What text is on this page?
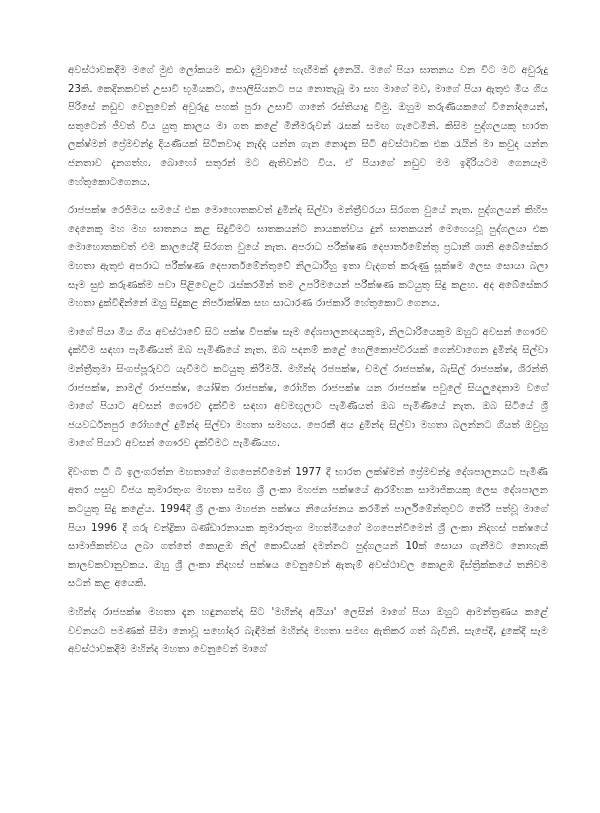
අවස්ථාවකදීම මගේ මුළු ලෝකයම කඩා දැමුවාසේ හැඟීමක් දැනෙයි. මගේ පියා ඝාතනය වන විට මට අවුරුදු 23කි. කෙදිනකවත් උසාවි භූමියකට, පොලිසියනට පය නොතැබූ මා සහ මාගේ මව, මාගේ පියා ඇතුළු මිය ගිය පිරිසේ නඩුව වෙනුවෙන් අවුරුදු පහක් පුරා උසාවි ගානේ රස්තියාදු වීමු. ඔහුම තරුණියකගේ විනෝදයෙන්, සතුටෙන් ජීවත් විය යුතු කාලය මා ගත කළේ මිනීමරුවන් රැසක් සමඟ ගැටෙමිනි. කිසිම පුද්ගලයකු භාරත ලක්ෂ්මන් ප්‍රේමචන්ද්‍ර දියණියක් සිටිනවාද නැද්ද යන්න ගැන නොදැන සිටි අවස්ථාවක එක රැයින් මා කවුද යන්න ජනතාව දැනගත්හ. බොහෝ සතුරන් මට ඇතිවන්ට විය. ඒ පියාගේ නඩුව මම ඉදිරියටම ගෙනයෑම හේතුකොටගෙනය.

රාජපක්ෂ රෙජිමය සමයේ එක මොහොතකවත් දුමින්ද සිල්වා මන්ත්‍රීවරයා සිරගත වුයේ නැත. පුද්ගලයන් කිහිප දෙනෙකු මහ මහ ඝාතනය කළ සිදුවීමට ඝාතකයන්ට නායකත්වය දුන් ඝාතකයන් මෙහෙයවූ පුද්ගලයා එක මොහොතකවත් එම කාලයේදී සිරගත වුයේ නැත. අපරාධ පරීක්ෂණ දෙපාර්තමේන්තු ප්‍රධානී ශානි අබේසේකර මහතා ඇතුළු අපරාධ පරීක්ෂණ දෙපාර්තමේන්තුවේ නිලධාරීහු ඉතා වැදගත් කරුණු සූක්ෂම ලෙස සොයා බලා සෑම සුළු කරුණක්ම පවා පිළිවෙළට රැස්කරමින් තම උපරිමයෙන් පරීක්ෂණ කටයුතු සිදු කළහ. අද අබේසේකර මහතා දුක්විඳින්නේ ඔහු සිදුකළ නිර්පාක්ෂික සහ සාධාරණ රාජකාරි හේතුකොට ගෙනය.

මාගේ පියා මිය ගිය අවස්ථාවේ සිට පක්ෂ විපක්ෂ සෑම දේශපාලනඥයකුම, නිලධාරියෙකුම ඔහුට අවසන් ගෞරව දැක්වීම සඳහා පැමිණියත් ඔබ පැමිණියේ නැත. ඔබ පදනම් කළේ හෙලිකොප්ටරයක් ගෙන්වාගෙන දුමින්ද සිල්වා මන්ත්‍රීතුමා සිංගප්පූරුවට යැවීමට කටයුතු කිරීමයි. මහින්ද රජපක්ෂ, චමල් රාජපක්ෂ, බැසිල් රාජපක්ෂ, ශිරන්ති රාජපක්ෂ, නාමල් රාජපක්ෂ, යෝෂිත රාජපක්ෂ, රෝහිත රාජපක්ෂ යන රාජපක්ෂ පවුලේ සියලුදෙනාම වගේ මාගේ පියාට අවසන් ගෞරව දැක්වීම සඳහා අවමඟුලාට පැමිණියත් ඔබ පැමිණියේ නැත. ඔබ සිටියේ ශ්‍රී ජයවර්ධනපුර රෝහලේ දුමින්ද සිල්වා මහතා සමඟය. පෙරකී අය දුමින්ද සිල්වා මහතා බලන්නට ගියත් ඔවුහු මාගේ පියාට අවසන් ගෞරව දැක්වීමට පැමිණියහ.

දිවංගත ටී බී ඉලංගරත්න මහතාගේ මගපෙන්වීමෙන් 1977 දී භාරත ලක්ෂ්මන් ප්‍රේමචන්ද්‍ර දේශපාලනයට පැමිණි අතර පසුව විජය කුමාරතුංග මහතා සමඟ ශ්‍රී ලංකා මහජන පක්ෂයේ ආරම්භක සාමාජිකයකු ලෙස දේශපාලන කටයුතු සිදු කළේය. 1994දී ශ්‍රී ලංකා මහජන පක්ෂය නියෝජනය කරමින් පාර්ලිමේන්තුවට තේරී පත්වූ මාගේ පියා 1996 දී ගරු චන්ද්‍රිකා බණ්ඩාරනායක කුමාරතුංග මහත්මියගේ මගපෙන්වීමෙන් ශ්‍රී ලංකා නිදහස් පක්ෂයේ සාමාජිකත්වය ලබා ගත්තේ කොළඹ නිල් කොඩියක් දමන්නට පුද්ගලයන් 10ක් සොයා ගැනීමට නොහැකි කාලවකවානුවකය. ඔහු ශ්‍රී ලංකා නිදහස් පක්ෂය වෙනුවෙන් ඇතැම් අවස්ථාවල කොළඹ දිස්ත්‍රික්කයේ තනිවම සටන් කළ අයෙකි.

මහින්ද රාජපක්ෂ මහතා දැන හඳුනගත්දා සිට 'මහින්ද අයියා' ලෙසින් මාගේ පියා ඔහුට ආමන්ත්‍රණය කළේ වචනයට පමණක් සීමා නොවූ සහෝදර බැඳීමක් මහින්ද මහතා සමඟ ඇතිකර ගත් බැවිනි. සැපේදී, දුකේදී සෑම අවස්ථාවකදීම මහින්ද මහතා වෙනුවෙන් මාගේ
